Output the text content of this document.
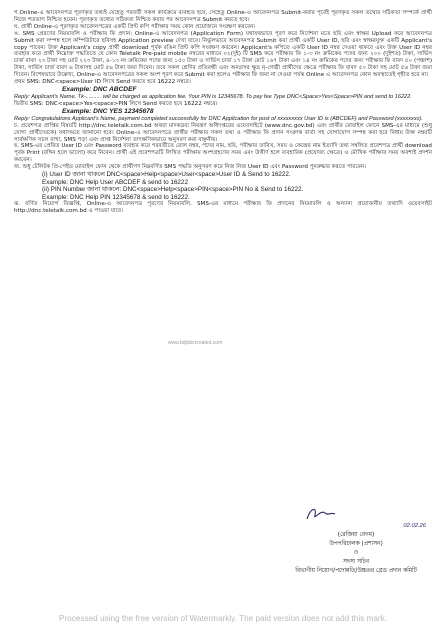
গ.Online-এ আবেদনপত্র পূরণকৃত তথ্যই যেহেতু পরবর্তী সকল কার্যক্রমে ব্যবহৃত হবে, সেহেতু Online-এ আবেদনপত্র Submit-করার পূর্বেই পূরণকৃত সকল তথ্যের সঠিকতা সম্পর্কে প্রার্থী নিজে শতভাগ নিশ্চিত হবেন। পূরণকৃত তথ্যের সঠিকতা নিশ্চিত করার পর আবেদনপত্র Submit করতে হবে।

ঘ. প্রার্থী Online-এ পূরণকৃত আবেদনপত্রের একটি প্রিন্ট কপি পরীক্ষার সময় কোন প্রয়োজনে সংরক্ষণ করবেন।

ঙ. SMS প্রেরণের নিয়মাবলি ও পরীক্ষার ফি প্রদান: Online-এ আবেদনপত্র (Application Form) যথাযথভাবে পূরণ করে নির্দেশনা মতে ছবি এবং স্বাক্ষর Upload করে আবেদনপত্র Submit করা সম্পন্ন হলে কম্পিউটারে ছবিসহ Application preview দেখা যাবে। নির্ভুলভাবে আবেদনপত্র Submit করা প্রার্থী একটি User ID, ছবি এবং স্বাক্ষরযুক্ত একটি Applicant's copy পাবেন। উক্ত Applicant's copy প্রার্থী download পূর্বক রঙিন প্রিন্ট কপি সংরক্ষণ করবেন। Applicant's কপিতে একটি User ID নম্বর দেওয়া থাকবে এবং উক্ত User ID নম্বর ব্যবহার করে প্রার্থী নিম্নোক্ত পদ্ধতিতে যে কোন Teletalk Pre-paid mobile নম্বরের মাধ্যমে ০২(দুই) টি SMS করে পরীক্ষার ফি ১-৩ নং ক্রমিকের পদের জন্য ২০০ (দুইশত) টাকা, সার্ভিস চার্জ বাবদ ২৩ টাকা সহ মোট ২২৩ টাকা, ৪-১৩ নং ক্রমিকের পদের জন্য ১৫০ টাকা ও সার্ভিস চার্জ ১৭ টাকা মোট ১৬৭ টাকা এবং ১৪ নং ক্রমিকের পদের জন্য পরীক্ষার ফি বাবদ ৫০ (পঞ্চাশ) টাকা, সার্ভিস চার্জ বাবদ ৬ টাকাসহ মোট ৫৬ টাকা জমা দিবেন। তবে সকল শ্রেণির প্রতিবন্ধী এবং অনগ্রসর ক্ষুদ্র নৃ-গোষ্ঠী প্রার্থীদের ক্ষেত্রে পরীক্ষার ফি বাবদ ৫০ টাকা সহ মোট ৫৬ টাকা জমা দিবেন। বিশেষভাবে উল্লেখ্য, Online-এ আবেদনপত্রের সকল অংশ পূরণ করে Submit করা হলেও পরীক্ষার ফি জমা না দেওয়া পর্যন্ত Online এ আবেদনপত্র কোন অবস্থাতেই গৃহীত হবে না।

প্রথম SMS: DNC<space>User ID লিখে Send করতে হবে 16222 নম্বরে।

Example: DNC ABCDEF

Reply: Applicant's Name, Tk-.......... will be charged as application fee. Your PIN is 12345678. To pay fee Type DNC<Space>Yes<Space>PIN and send to 16222.

দ্বিতীয় SMS: DNC<space>Yes<space>PIN লিখে Send করতে হবে 16222 নম্বরে।

Example: DNC YES 12345678

Reply: Congratulations Applicant's Name, payment completed successfully for DNC Application for post of xxxxxxxxx User ID is (ABCDEF) and Password (xxxxxxxx).

চ. প্রবেশপত্র প্রাপ্তির বিষয়টি http://dnc.teletalk.com.bd অথবা মাদকদ্রব্য নিয়ন্ত্রণ অধিদপ্তরের ওয়েবসাইটে (www.dnc.gov.bd) এবং প্রার্থীর মোবাইল ফোনে SMS-এর মাধ্যমে (শুধু যোগ্য প্রার্থীদেরকে) যথাসময়ে জানানো হবে। Online-এ আবেদনপত্রে প্রার্থীর পরীক্ষার সকল তথ্য ও পরীক্ষার ফি প্রদান সংক্রান্ত বার্তা সহ যোগাযোগ সম্পন্ন করা হবে বিধায় উক্ত নম্বরটি সার্বক্ষণিক সচল রাখা, SMS পড়া এবং প্রাপ্ত নির্দেশনা তাৎক্ষণিকভাবে অনুসরণ করা বাঞ্ছনীয়।

ছ. SMS-এর প্রেরিত User ID এবং Password ব্যবহার করে পরবর্তীতে রোল নম্বর, পদের নাম, ছবি, পরীক্ষার তারিখ, সময় ও কেন্দ্রের নাম ইত্যাদি তথ্য সম্বলিত প্রবেশপত্র প্রার্থী download পূর্বক Print (রঙ্গিন হলে ভালো) করে নিবেন। প্রার্থী এই প্রবেশপত্রটি লিখিত পরীক্ষায় অংশগ্রহণের সময় এবং উত্তীর্ণ হলে ব্যবহারিক (প্রযোজ্য ক্ষেত্রে) ও মৌখিক পরীক্ষার সময় অবশ্যই প্রদর্শন করবেন।

জ. শুধু টেলিটক প্রি-পেইড মোবাইল ফোন থেকে প্রার্থীগণ নিম্নবর্ণিত SMS পদ্ধতি অনুসরণ করে নিজ নিজ User ID এবং Password পুনরুদ্ধার করতে পারবেন।

(i) User ID জানা থাকলে DNC<space>Help<space>User<space>User ID & Send to 16222.

Example: DNC Help User ABCDEF & send to 16222

(ii) PIN Number জানা থাকলে: DNC<space>Help<space>PIN<space>PIN No & Send to 16222.

Example: DNC Help PIN 12345678 & send to 16222.

ঝ. বর্ণিত নিয়োগ বিজ্ঞপ্তি, Online-এ আবেদনপত্র পূরণের নিয়মাবলি, SMS-এর মাধ্যমে পরীক্ষার ফি প্রদানের নিয়মাবলি ও অন্যান্য প্রয়োজনীয় তথ্যাদি ওয়েবসাইট http://dnc.teletalk.com.bd এ পাওয়া যাবে।

www.bdjobscreated.com
02.02.26
(রেজিয়া বেগম)
উপপরিচালক (প্রশাসন)
ও
সদস্য সচিব
বিভাগীয় নিয়োগ/পদোন্নতি/উচ্চতর গ্রেড প্রদান কমিটি
Processed using the free version of Watermarkly. The paid version does not add this mark.
